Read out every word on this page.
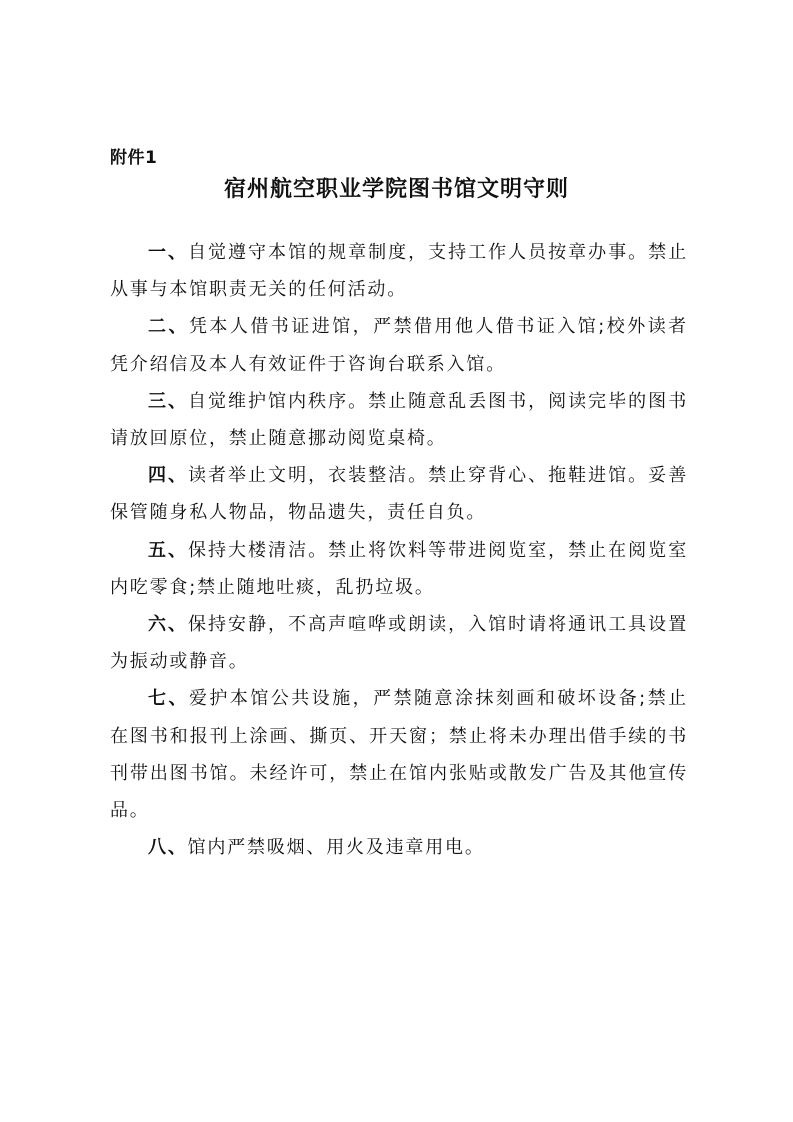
附件1
宿州航空职业学院图书馆文明守则

一、自觉遵守本馆的规章制度，支持工作人员按章办事。禁止从事与本馆职责无关的任何活动。

二、凭本人借书证进馆，严禁借用他人借书证入馆;校外读者凭介绍信及本人有效证件于咨询台联系入馆。

三、自觉维护馆内秩序。禁止随意乱丢图书，阅读完毕的图书请放回原位，禁止随意挪动阅览桌椅。

四、读者举止文明，衣装整洁。禁止穿背心、拖鞋进馆。妥善保管随身私人物品，物品遗失，责任自负。

五、保持大楼清洁。禁止将饮料等带进阅览室，禁止在阅览室内吃零食;禁止随地吐痰，乱扔垃圾。

六、保持安静，不高声喧哗或朗读，入馆时请将通讯工具设置为振动或静音。

七、爱护本馆公共设施，严禁随意涂抹刻画和破坏设备;禁止在图书和报刊上涂画、撕页、开天窗；禁止将未办理出借手续的书刊带出图书馆。未经许可，禁止在馆内张贴或散发广告及其他宣传品。

八、馆内严禁吸烟、用火及违章用电。
